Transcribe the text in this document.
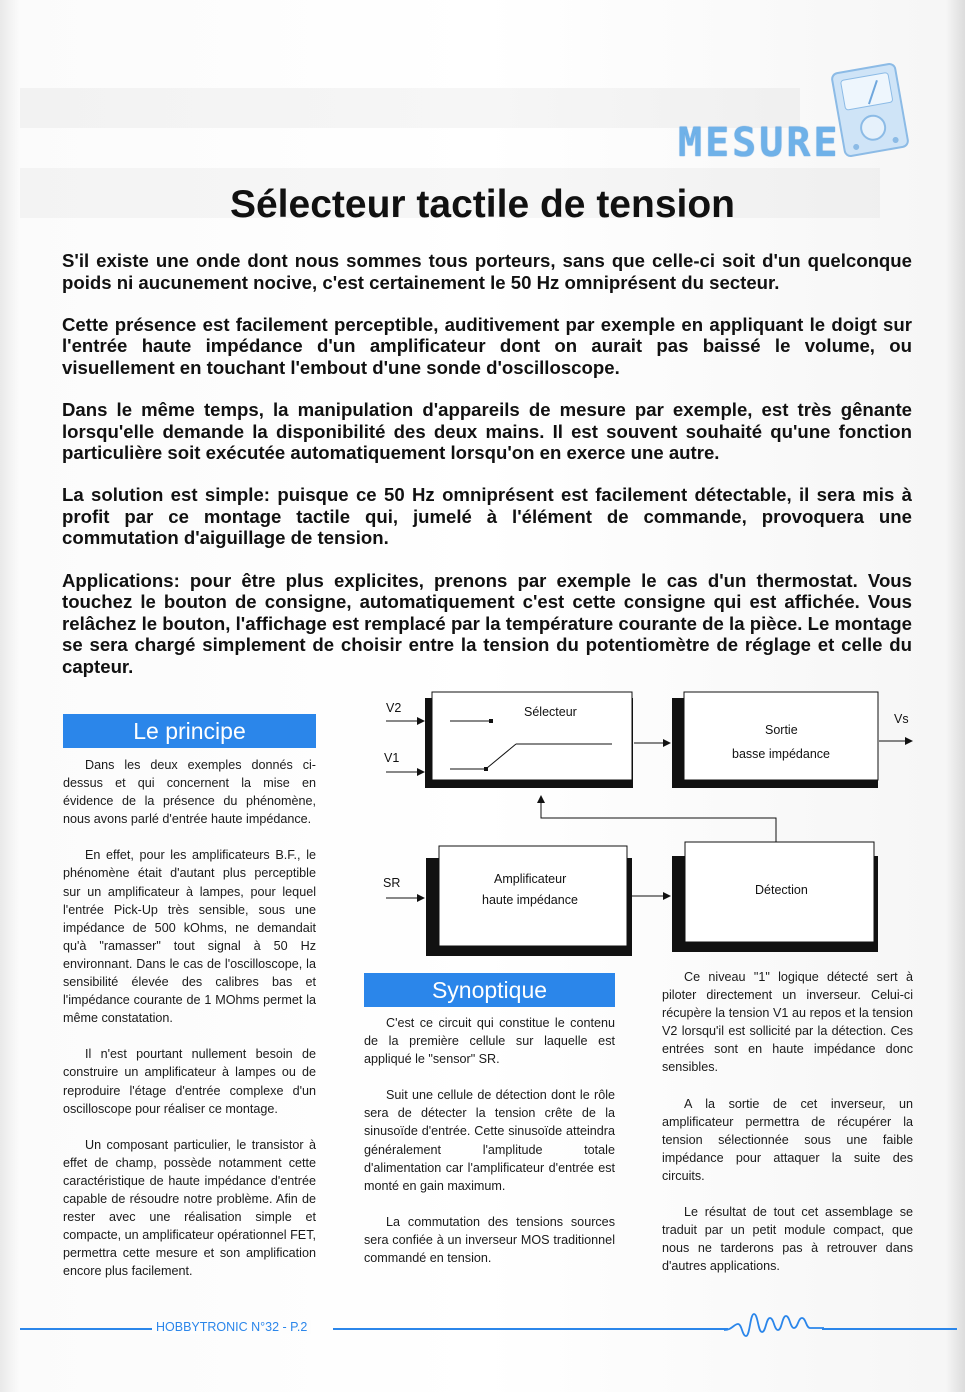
MESURE
Sélecteur tactile de tension

S'il existe une onde dont nous sommes tous porteurs, sans que celle-ci soit d'un quelconque poids ni aucunement nocive, c'est certainement le 50 Hz omniprésent du secteur.

Cette présence est facilement perceptible, auditivement par exemple en appliquant le doigt sur l'entrée haute impédance d'un amplificateur dont on aurait pas baissé le volume, ou visuellement en touchant l'embout d'une sonde d'oscilloscope.

Dans le même temps, la manipulation d'appareils de mesure par exemple, est très gênante lorsqu'elle demande la disponibilité des deux mains. Il est souvent souhaité qu'une fonction particulière soit exécutée automatiquement lorsqu'on en exerce une autre.

La solution est simple: puisque ce 50 Hz omniprésent est facilement détectable, il sera mis à profit par ce montage tactile qui, jumelé à l'élément de commande, provoquera une commutation d'aiguillage de tension.

Applications: pour être plus explicites, prenons par exemple le cas d'un thermostat. Vous touchez le bouton de consigne, automatiquement c'est cette consigne qui est affichée. Vous relâchez le bouton, l'affichage est remplacé par la température courante de la pièce. Le montage se sera chargé simplement de choisir entre la tension du potentiomètre de réglage et celle du capteur.

Le principe

Dans les deux exemples donnés ci-dessus et qui concernent la mise en évidence de la présence du phénomène, nous avons parlé d'entrée haute impédance.

En effet, pour les amplificateurs B.F., le phénomène était d'autant plus perceptible sur un amplificateur à lampes, pour lequel l'entrée Pick-Up très sensible, sous une impédance de 500 kOhms, ne demandait qu'à "ramasser" tout signal à 50 Hz environnant. Dans le cas de l'oscilloscope, la sensibilité élevée des calibres bas et l'impédance courante de 1 MOhms permet la même constatation.

Il n'est pourtant nullement besoin de construire un amplificateur à lampes ou de reproduire l'étage d'entrée complexe d'un oscilloscope pour réaliser ce montage.

Un composant particulier, le transistor à effet de champ, possède notamment cette caractéristique de haute impédance d'entrée capable de résoudre notre problème. Afin de rester avec une réalisation simple et compacte, un amplificateur opérationnel FET, permettra cette mesure et son amplification encore plus facilement.

Sélecteur
Sortie
basse impédance
Amplificateur
haute impédance
Détection
V2
V1
SR
Vs
Synoptique

C'est ce circuit qui constitue le contenu de la première cellule sur laquelle est appliqué le "sensor" SR.

Suit une cellule de détection dont le rôle sera de détecter la tension crête de la sinusoïde d'entrée. Cette sinusoïde atteindra généralement l'amplitude totale d'alimentation car l'amplificateur d'entrée est monté en gain maximum.

La commutation des tensions sources sera confiée à un inverseur MOS traditionnel commandé en tension.

Ce niveau "1" logique détecté sert à piloter directement un inverseur. Celui-ci récupère la tension V1 au repos et la tension V2 lorsqu'il est sollicité par la détection. Ces entrées sont en haute impédance donc sensibles.

A la sortie de cet inverseur, un amplificateur permettra de récupérer la tension sélectionnée sous une faible impédance pour attaquer la suite des circuits.

Le résultat de tout cet assemblage se traduit par un petit module compact, que nous ne tarderons pas à retrouver dans d'autres applications.

HOBBYTRONIC N°32 - P.2
